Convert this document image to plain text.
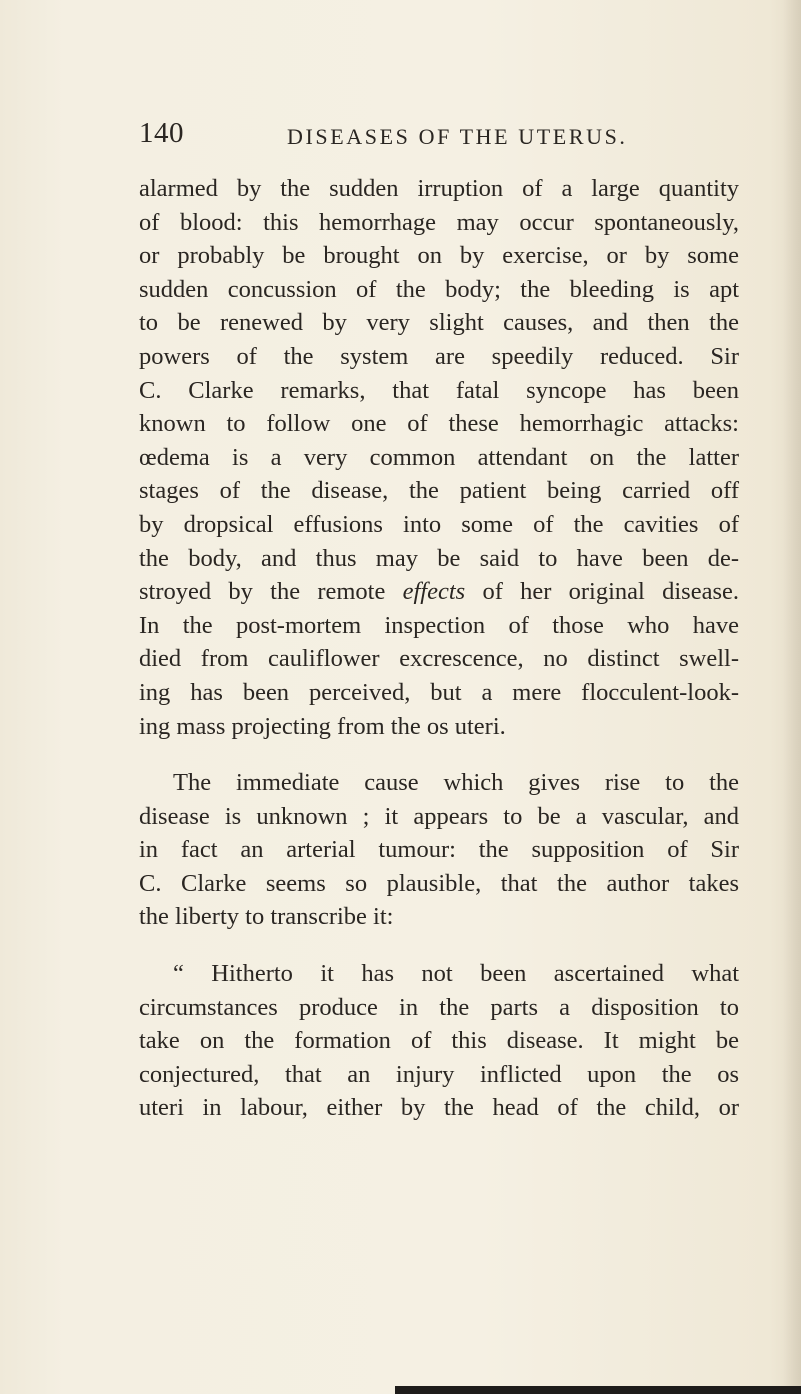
140	DISEASES OF THE UTERUS.
alarmed by the sudden irruption of a large quantity
of blood: this hemorrhage may occur spontaneously,
or probably be brought on by exercise, or by some
sudden concussion of the body; the bleeding is apt
to be renewed by very slight causes, and then the
powers of the system are speedily reduced. Sir
C. Clarke remarks, that fatal syncope has been
known to follow one of these hemorrhagic attacks:
œdema is a very common attendant on the latter
stages of the disease, the patient being carried off
by dropsical effusions into some of the cavities of
the body, and thus may be said to have been de-
stroyed by the remote effects of her original disease.
In the post-mortem inspection of those who have
died from cauliflower excrescence, no distinct swell-
ing has been perceived, but a mere flocculent-look-
ing mass projecting from the os uteri.
The immediate cause which gives rise to the
disease is unknown ; it appears to be a vascular, and
in fact an arterial tumour: the supposition of Sir
C. Clarke seems so plausible, that the author takes
the liberty to transcribe it:
“ Hitherto it has not been ascertained what
circumstances produce in the parts a disposition to
take on the formation of this disease. It might be
conjectured, that an injury inflicted upon the os
uteri in labour, either by the head of the child, or
